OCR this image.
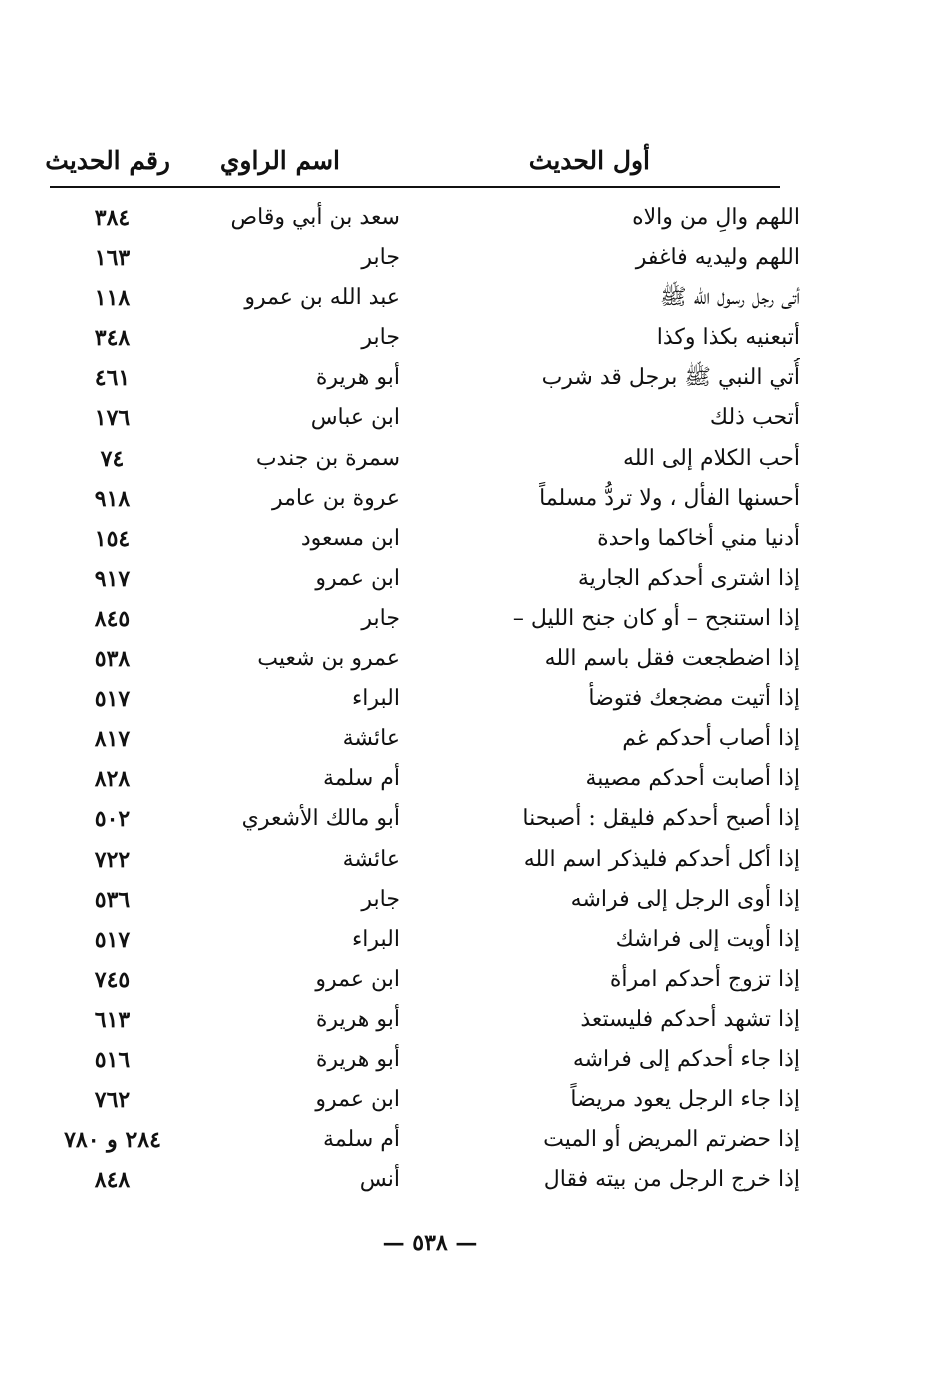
أول الحديث
اسم الراوي
رقم الحديث
اللهم والِ من والاه
سعد بن أبي وقاص
٣٨٤
اللهم وليديه فاغفر
جابر
١٦٣
أتى رجل رسول الله ﷺ
عبد الله بن عمرو
١١٨
أتبعنيه بكذا وكذا
جابر
٣٤٨
أُتي النبي ﷺ برجل قد شرب
أبو هريرة
٤٦١
أتحب ذلك
ابن عباس
١٧٦
أحب الكلام إلى الله
سمرة بن جندب
٧٤
أحسنها الفأل ، ولا تردُّ مسلماً
عروة بن عامر
٩١٨
أدنيا مني أخاكما واحدة
ابن مسعود
١٥٤
إذا اشترى أحدكم الجارية
ابن عمرو
٩١٧
إذا استنجح – أو كان جنح الليل –
جابر
٨٤٥
إذا اضطجعت فقل باسم الله
عمرو بن شعيب
٥٣٨
إذا أتيت مضجعك فتوضأ
البراء
٥١٧
إذا أصاب أحدكم غم
عائشة
٨١٧
إذا أصابت أحدكم مصيبة
أم سلمة
٨٢٨
إذا أصبح أحدكم فليقل : أصبحنا
أبو مالك الأشعري
٥٠٢
إذا أكل أحدكم فليذكر اسم الله
عائشة
٧٢٢
إذا أوى الرجل إلى فراشه
جابر
٥٣٦
إذا أويت إلى فراشك
البراء
٥١٧
إذا تزوج أحدكم امرأة
ابن عمرو
٧٤٥
إذا تشهد أحدكم فليستعذ
أبو هريرة
٦١٣
إذا جاء أحدكم إلى فراشه
أبو هريرة
٥١٦
إذا جاء الرجل يعود مريضاً
ابن عمرو
٧٦٢
إذا حضرتم المريض أو الميت
أم سلمة
٢٨٤ و ٧٨٠
إذا خرج الرجل من بيته فقال
أنس
٨٤٨
— ٥٣٨ —
